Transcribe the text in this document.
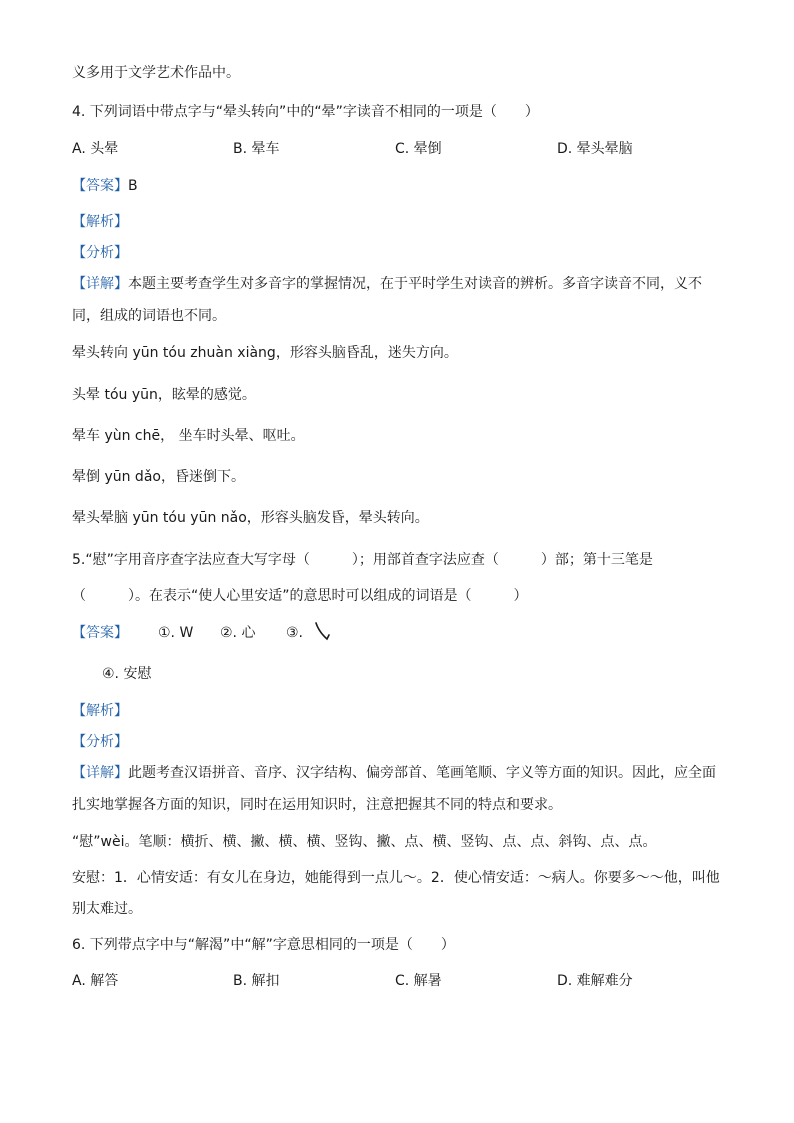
义多用于文学艺术作品中。
4. 下列词语中带点字与“晕头转向”中的“晕”字读音不相同的一项是（　　）
A. 头晕	B. 晕车	C. 晕倒	D. 晕头晕脑
【答案】B
【解析】
【分析】
【详解】本题主要考查学生对多音字的掌握情况，在于平时学生对读音的辨析。多音字读音不同，义不
同，组成的词语也不同。
晕头转向 yūn tóu zhuàn xiàng，形容头脑昏乱，迷失方向。
头晕 tóu yūn，眩晕的感觉。
晕车 yùn chē， 坐车时头晕、呕吐。
晕倒 yūn dǎo，昏迷倒下。
晕头晕脑 yūn tóu yūn nǎo，形容头脑发昏，晕头转向。
5.“慰”字用音序查字法应查大写字母（　　　）；用部首查字法应查（　　　）部；第十三笔是
（　　　）。在表示“使人心里安适”的意思时可以组成的词语是（　　　）
【答案】 ①. W ②. 心 ③.
④. 安慰
【解析】
【分析】
【详解】此题考查汉语拼音、音序、汉字结构、偏旁部首、笔画笔顺、字义等方面的知识。因此，应全面
扎实地掌握各方面的知识，同时在运用知识时，注意把握其不同的特点和要求。
“慰”wèi。笔顺：横折、横、撇、横、横、竖钩、撇、点、横、竖钩、点、点、斜钩、点、点。
安慰：1．心情安适：有女儿在身边，她能得到一点儿～。2．使心情安适：～病人。你要多～～他，叫他
别太难过。
6. 下列带点字中与“解渴”中“解”字意思相同的一项是（　　）
A. 解答	B. 解扣	C. 解暑	D. 难解难分
